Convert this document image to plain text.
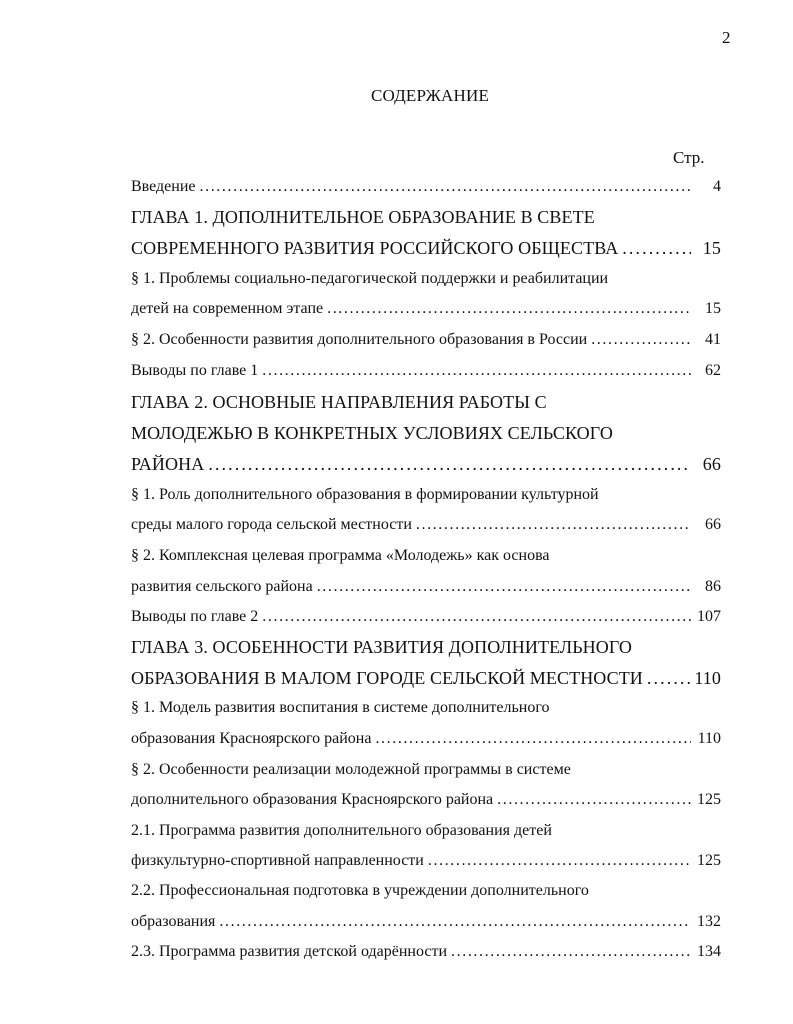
2
СОДЕРЖАНИЕ
Стр.
Введение . . .	4
ГЛАВА 1. ДОПОЛНИТЕЛЬНОЕ ОБРАЗОВАНИЕ В СВЕТЕ
СОВРЕМЕННОГО РАЗВИТИЯ РОССИЙСКОГО ОБЩЕСТВА . . .	15
§ 1. Проблемы социально-педагогической поддержки и реабилитации
детей на современном этапе . . .	15
§ 2. Особенности развития дополнительного образования в России . . .	41
Выводы по главе 1 . . .	62
ГЛАВА 2. ОСНОВНЫЕ НАПРАВЛЕНИЯ РАБОТЫ С
МОЛОДЕЖЬЮ В КОНКРЕТНЫХ УСЛОВИЯХ СЕЛЬСКОГО
РАЙОНА . . .	66
§ 1. Роль дополнительного образования в формировании культурной
среды малого города сельской местности . . .	66
§ 2. Комплексная целевая программа «Молодежь» как основа
развития сельского района . . .	86
Выводы по главе 2 . . .	107
ГЛАВА 3. ОСОБЕННОСТИ РАЗВИТИЯ ДОПОЛНИТЕЛЬНОГО
ОБРАЗОВАНИЯ В МАЛОМ ГОРОДЕ СЕЛЬСКОЙ МЕСТНОСТИ . . .	110
§ 1. Модель развития воспитания в системе дополнительного
образования Красноярского района . . .	110
§ 2. Особенности реализации молодежной программы в системе
дополнительного образования Красноярского района . . .	125
2.1. Программа развития дополнительного образования детей
физкультурно-спортивной направленности . . .	125
2.2. Профессиональная подготовка в учреждении дополнительного
образования . . .	132
2.3. Программа развития детской одарённости . . .	134
